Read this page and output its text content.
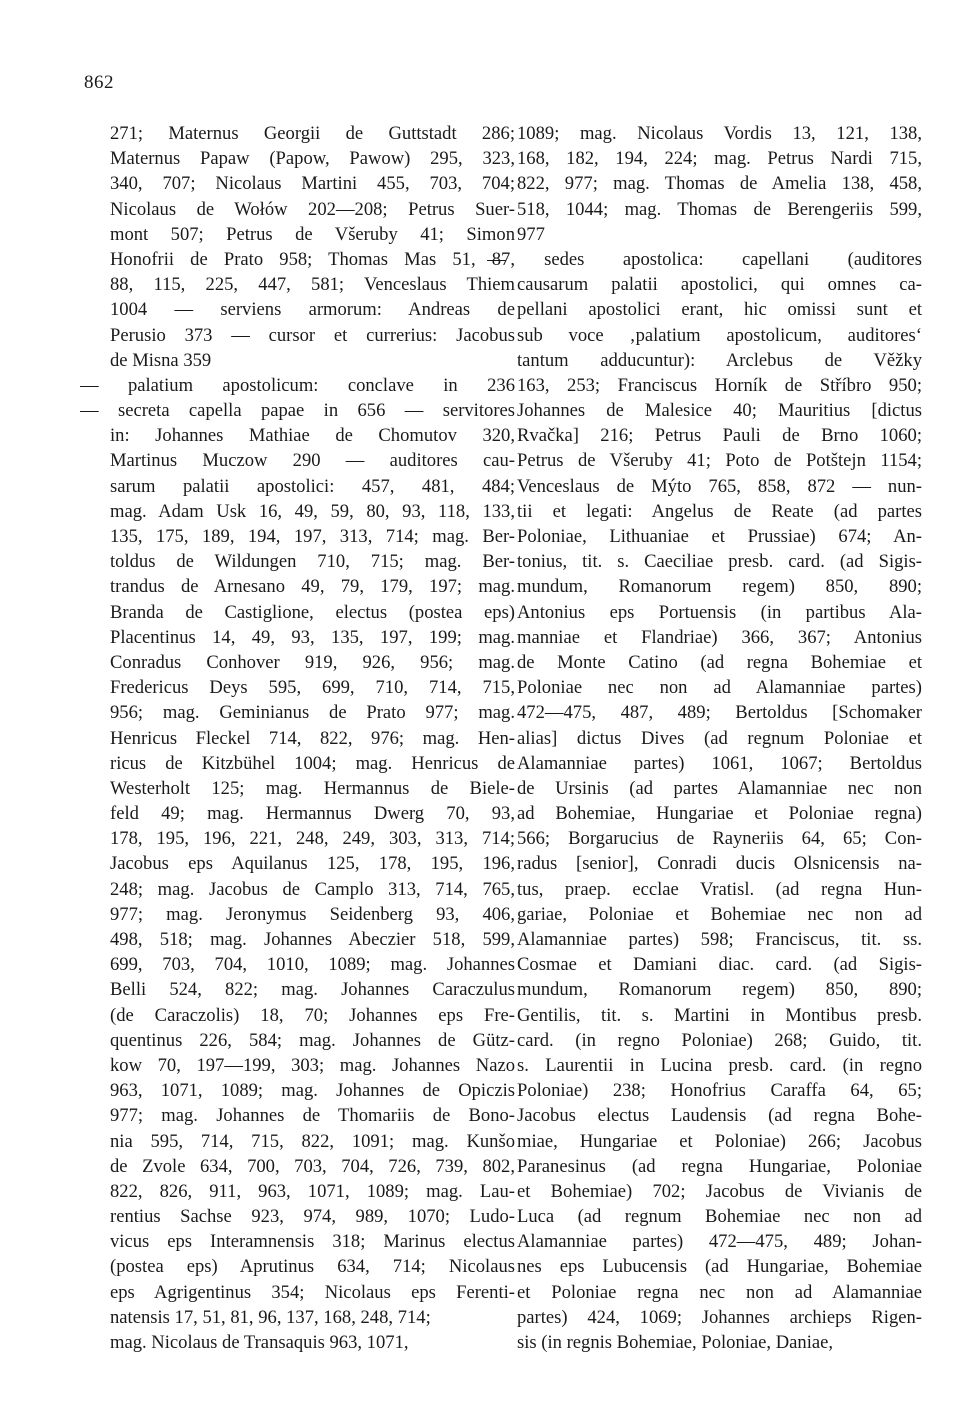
862
271; Maternus Georgii de Guttstadt 286;
Maternus Papaw (Papow, Pawow) 295, 323,
340, 707; Nicolaus Martini 455, 703, 704;
Nicolaus de Wołów 202—208; Petrus Suer-
mont 507; Petrus de Všeruby 41; Simon
Honofrii de Prato 958; Thomas Mas 51, 87,
88, 115, 225, 447, 581; Venceslaus Thiem
1004 — serviens armorum: Andreas de
Perusio 373 — cursor et currerius: Jacobus
de Misna 359
— palatium apostolicum: conclave in 236
— secreta capella papae in 656 — servitores
in: Johannes Mathiae de Chomutov 320,
Martinus Muczow 290 — auditores cau-
sarum palatii apostolici: 457, 481, 484;
mag. Adam Usk 16, 49, 59, 80, 93, 118, 133,
135, 175, 189, 194, 197, 313, 714; mag. Ber-
toldus de Wildungen 710, 715; mag. Ber-
trandus de Arnesano 49, 79, 179, 197; mag.
Branda de Castiglione, electus (postea eps)
Placentinus 14, 49, 93, 135, 197, 199; mag.
Conradus Conhover 919, 926, 956; mag.
Fredericus Deys 595, 699, 710, 714, 715,
956; mag. Geminianus de Prato 977; mag.
Henricus Fleckel 714, 822, 976; mag. Hen-
ricus de Kitzbühel 1004; mag. Henricus de
Westerholt 125; mag. Hermannus de Biele-
feld 49; mag. Hermannus Dwerg 70, 93,
178, 195, 196, 221, 248, 249, 303, 313, 714;
Jacobus eps Aquilanus 125, 178, 195, 196,
248; mag. Jacobus de Camplo 313, 714, 765,
977; mag. Jeronymus Seidenberg 93, 406,
498, 518; mag. Johannes Abeczier 518, 599,
699, 703, 704, 1010, 1089; mag. Johannes
Belli 524, 822; mag. Johannes Caraczulus
(de Caraczolis) 18, 70; Johannes eps Fre-
quentinus 226, 584; mag. Johannes de Gütz-
kow 70, 197—199, 303; mag. Johannes Nazo
963, 1071, 1089; mag. Johannes de Opiczis
977; mag. Johannes de Thomariis de Bono-
nia 595, 714, 715, 822, 1091; mag. Kunšo
de Zvole 634, 700, 703, 704, 726, 739, 802,
822, 826, 911, 963, 1071, 1089; mag. Lau-
rentius Sachse 923, 974, 989, 1070; Ludo-
vicus eps Interamnensis 318; Marinus electus
(postea eps) Aprutinus 634, 714; Nicolaus
eps Agrigentinus 354; Nicolaus eps Ferenti-
natensis 17, 51, 81, 96, 137, 168, 248, 714;
mag. Nicolaus de Transaquis 963, 1071,
1089; mag. Nicolaus Vordis 13, 121, 138,
168, 182, 194, 224; mag. Petrus Nardi 715,
822, 977; mag. Thomas de Amelia 138, 458,
518, 1044; mag. Thomas de Berengeriis 599,
977
— sedes apostolica: capellani (auditores
causarum palatii apostolici, qui omnes ca-
pellani apostolici erant, hic omissi sunt et
sub voce ‚palatium apostolicum, auditores‘
tantum adducuntur): Arclebus de Věžky
163, 253; Franciscus Horník de Stříbro 950;
Johannes de Malesice 40; Mauritius [dictus
Rvačka] 216; Petrus Pauli de Brno 1060;
Petrus de Všeruby 41; Poto de Potštejn 1154;
Venceslaus de Mýto 765, 858, 872 — nun-
tii et legati: Angelus de Reate (ad partes
Poloniae, Lithuaniae et Prussiae) 674; An-
tonius, tit. s. Caeciliae presb. card. (ad Sigis-
mundum, Romanorum regem) 850, 890;
Antonius eps Portuensis (in partibus Ala-
manniae et Flandriae) 366, 367; Antonius
de Monte Catino (ad regna Bohemiae et
Poloniae nec non ad Alamanniae partes)
472—475, 487, 489; Bertoldus [Schomaker
alias] dictus Dives (ad regnum Poloniae et
Alamanniae partes) 1061, 1067; Bertoldus
de Ursinis (ad partes Alamanniae nec non
ad Bohemiae, Hungariae et Poloniae regna)
566; Borgarucius de Rayneriis 64, 65; Con-
radus [senior], Conradi ducis Olsnicensis na-
tus, praep. ecclae Vratisl. (ad regna Hun-
gariae, Poloniae et Bohemiae nec non ad
Alamanniae partes) 598; Franciscus, tit. ss.
Cosmae et Damiani diac. card. (ad Sigis-
mundum, Romanorum regem) 850, 890;
Gentilis, tit. s. Martini in Montibus presb.
card. (in regno Poloniae) 268; Guido, tit.
s. Laurentii in Lucina presb. card. (in regno
Poloniae) 238; Honofrius Caraffa 64, 65;
Jacobus electus Laudensis (ad regna Bohe-
miae, Hungariae et Poloniae) 266; Jacobus
Paranesinus (ad regna Hungariae, Poloniae
et Bohemiae) 702; Jacobus de Vivianis de
Luca (ad regnum Bohemiae nec non ad
Alamanniae partes) 472—475, 489; Johan-
nes eps Lubucensis (ad Hungariae, Bohemiae
et Poloniae regna nec non ad Alamanniae
partes) 424, 1069; Johannes archieps Rigen-
sis (in regnis Bohemiae, Poloniae, Daniae,
